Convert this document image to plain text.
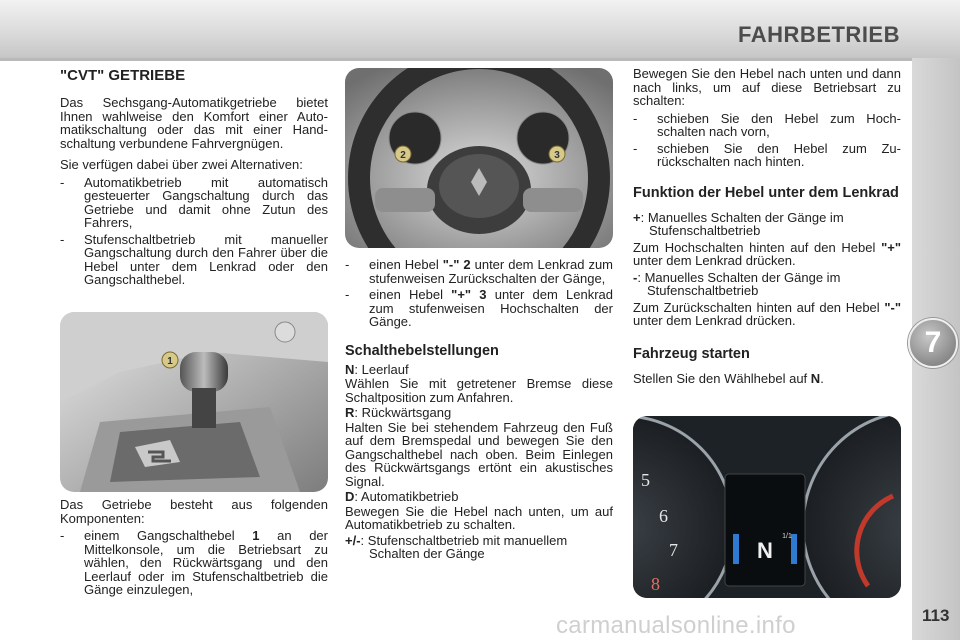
FAHRBETRIEB
7
113
carmanualsonline.info
"CVT" GETRIEBE

Das Sechsgang-Automatikgetriebe bietet Ihnen wahlweise den Komfort einer Automatikschaltung oder das mit einer Handschaltung verbundene Fahrvergnügen.

Sie verfügen dabei über zwei Alternativen:

- Automatikbetrieb mit automatisch gesteuerter Gangschaltung durch das Getriebe und damit ohne Zutun des Fahrers,
- Stufenschaltbetrieb mit manueller Gangschaltung durch den Fahrer über die Hebel unter dem Lenkrad oder den Gangschalthebel.
1

Das Getriebe besteht aus folgenden Komponenten:

- einem Gangschalthebel 1 an der Mittelkonsole, um die Betriebsart zu wählen, den Rückwärtsgang und den Leerlauf oder im Stufenschaltbetrieb die Gänge einzulegen,
2	3
- einen Hebel "-" 2 unter dem Lenkrad zum stufenweisen Zurückschalten der Gänge,
- einen Hebel "+" 3 unter dem Lenkrad zum stufenweisen Hochschalten der Gänge.
Schalthebelstellungen

N: Leerlauf

Wählen Sie mit getretener Bremse diese Schaltposition zum Anfahren.

R: Rückwärtsgang

Halten Sie bei stehendem Fahrzeug den Fuß auf dem Bremspedal und bewegen Sie den Gangschalthebel nach oben. Beim Einlegen des Rückwärtsgangs ertönt ein akustisches Signal.

D: Automatikbetrieb

Bewegen Sie die Hebel nach unten, um auf Automatikbetrieb zu schalten.

+/-: Stufenschaltbetrieb mit manuellem Schalten der Gänge

Bewegen Sie den Hebel nach unten und dann nach links, um auf diese Betriebsart zu schalten:

- schieben Sie den Hebel zum Hochschalten nach vorn,
- schieben Sie den Hebel zum Zurückschalten nach hinten.
Funktion der Hebel unter dem Lenkrad

+: Manuelles Schalten der Gänge im Stufenschaltbetrieb

Zum Hochschalten hinten auf den Hebel "+" unter dem Lenkrad drücken.

-: Manuelles Schalten der Gänge im Stufenschaltbetrieb

Zum Zurückschalten hinten auf den Hebel "-" unter dem Lenkrad drücken.

Fahrzeug starten

Stellen Sie den Wählhebel auf N.

5
6
7
8
N
1/1
